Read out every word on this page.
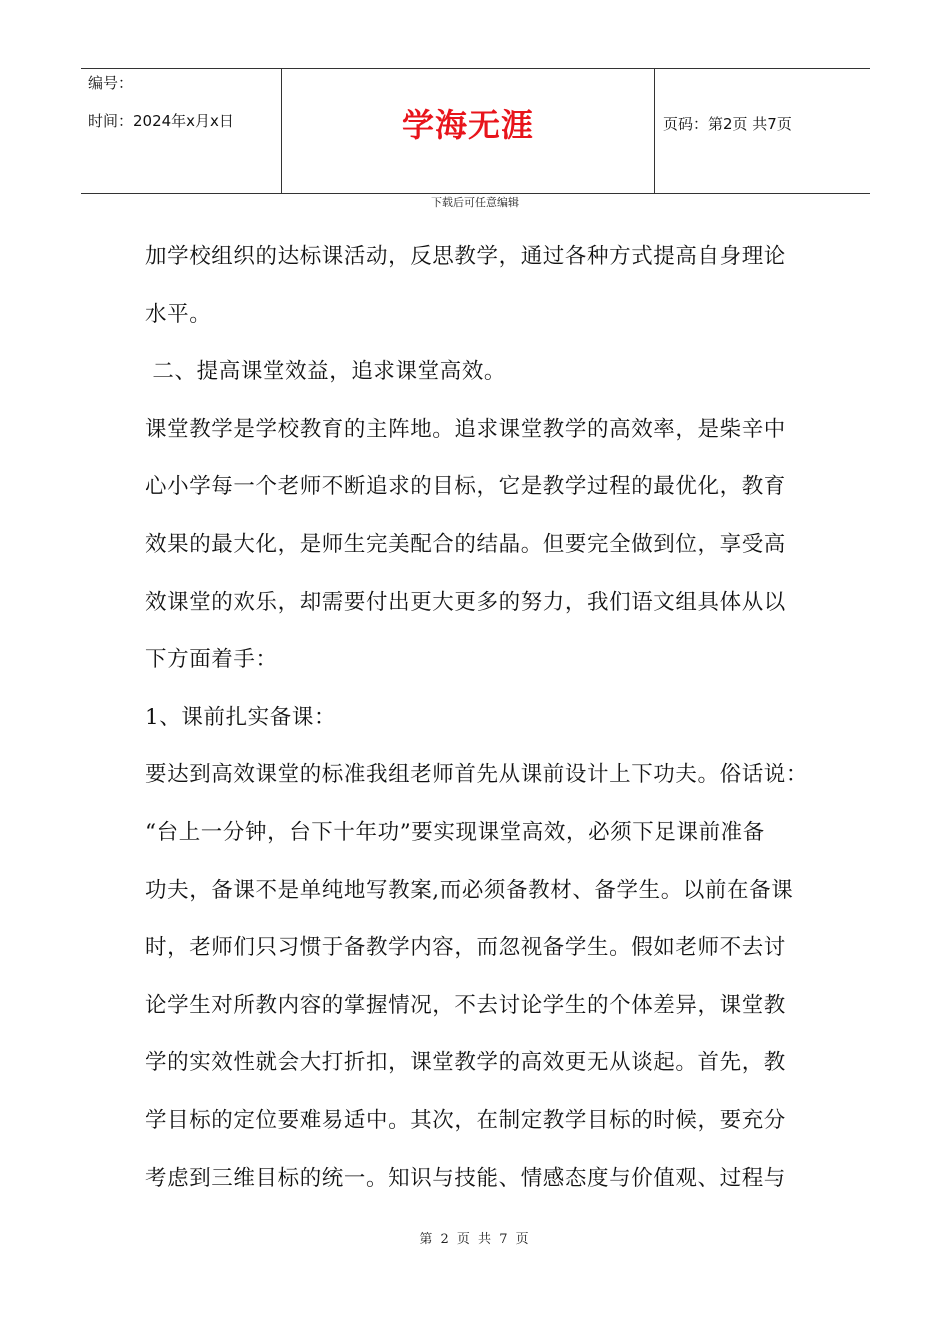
编号：
时间：2024年x月x日	学海无涯	页码：第2页 共7页
下载后可任意编辑
加学校组织的达标课活动，反思教学，通过各种方式提高自身理论
水平。
二、提高课堂效益，追求课堂高效。
课堂教学是学校教育的主阵地。追求课堂教学的高效率，是柴辛中
心小学每一个老师不断追求的目标，它是教学过程的最优化，教育
效果的最大化，是师生完美配合的结晶。但要完全做到位，享受高
效课堂的欢乐，却需要付出更大更多的努力，我们语文组具体从以
下方面着手：
1、课前扎实备课：
要达到高效课堂的标准我组老师首先从课前设计上下功夫。俗话说：
“台上一分钟，台下十年功”要实现课堂高效，必须下足课前准备
功夫，备课不是单纯地写教案,而必须备教材、备学生。以前在备课
时，老师们只习惯于备教学内容，而忽视备学生。假如老师不去讨
论学生对所教内容的掌握情况，不去讨论学生的个体差异，课堂教
学的实效性就会大打折扣，课堂教学的高效更无从谈起。首先，教
学目标的定位要难易适中。其次，在制定教学目标的时候，要充分
考虑到三维目标的统一。知识与技能、情感态度与价值观、过程与
第 2 页 共 7 页
